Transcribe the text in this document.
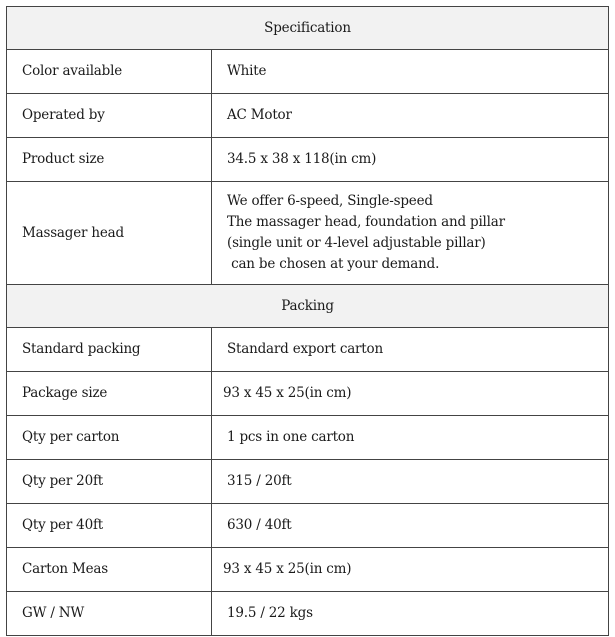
Specification	
Color available	White
Operated by	AC Motor
Product size	34.5 x 38 x 118(in cm)
Massager head	We offer 6-speed, Single-speed
The massager head, foundation and pillar
(single unit or 4-level adjustable pillar)
can be chosen at your demand.

Packing	
Standard packing	Standard export carton
Package size	93 x 45 x 25(in cm)
Qty per carton	1 pcs in one carton
Qty per 20ft	315 / 20ft
Qty per 40ft	630 / 40ft
Carton Meas	93 x 45 x 25(in cm)
GW / NW	19.5 / 22 kgs
